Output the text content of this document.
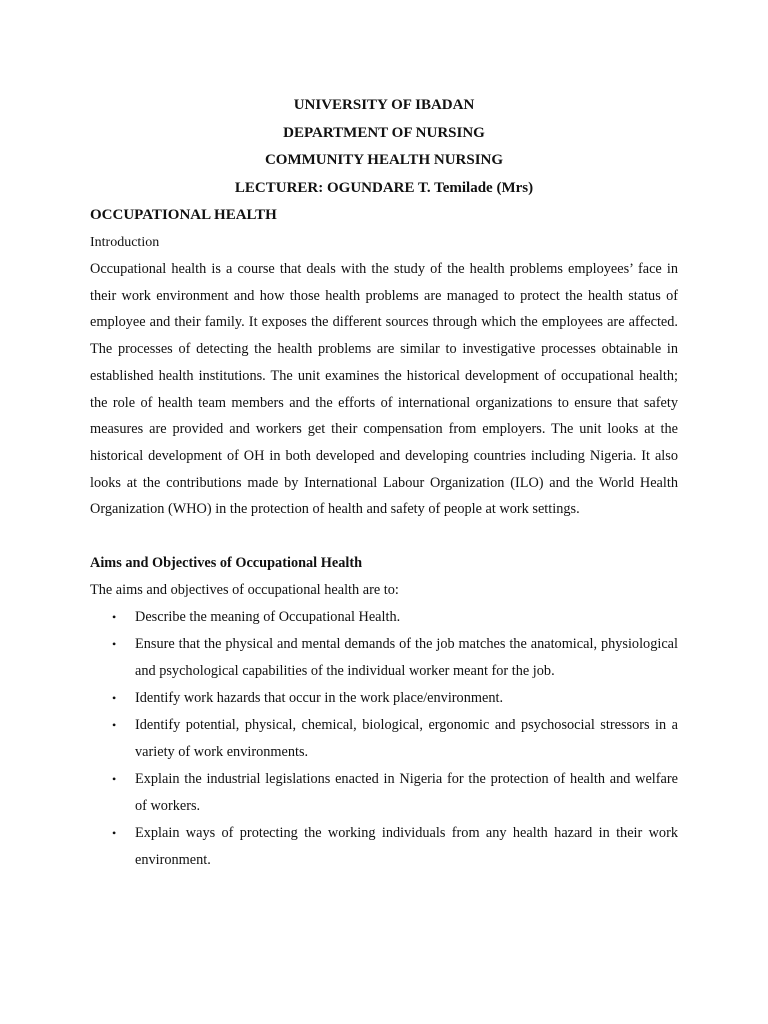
UNIVERSITY OF IBADAN
DEPARTMENT OF NURSING
COMMUNITY HEALTH NURSING
LECTURER: OGUNDARE T. Temilade (Mrs)
OCCUPATIONAL HEALTH
Introduction

Occupational health is a course that deals with the study of the health problems employees’ face in their work environment and how those health problems are managed to protect the health status of employee and their family. It exposes the different sources through which the employees are affected. The processes of detecting the health problems are similar to investigative processes obtainable in established health institutions. The unit examines the historical development of occupational health; the role of health team members and the efforts of international organizations to ensure that safety measures are provided and workers get their compensation from employers. The unit looks at the historical development of OH in both developed and developing countries including Nigeria. It also looks at the contributions made by International Labour Organization (ILO) and the World Health Organization (WHO) in the protection of health and safety of people at work settings.

Aims and Objectives of Occupational Health
The aims and objectives of occupational health are to:
• Describe the meaning of Occupational Health.
• Ensure that the physical and mental demands of the job matches the anatomical, physiological and psychological capabilities of the individual worker meant for the job.
• Identify work hazards that occur in the work place/environment.
• Identify potential, physical, chemical, biological, ergonomic and psychosocial stressors in a variety of work environments.
• Explain the industrial legislations enacted in Nigeria for the protection of health and welfare of workers.
• Explain ways of protecting the working individuals from any health hazard in their work environment.
